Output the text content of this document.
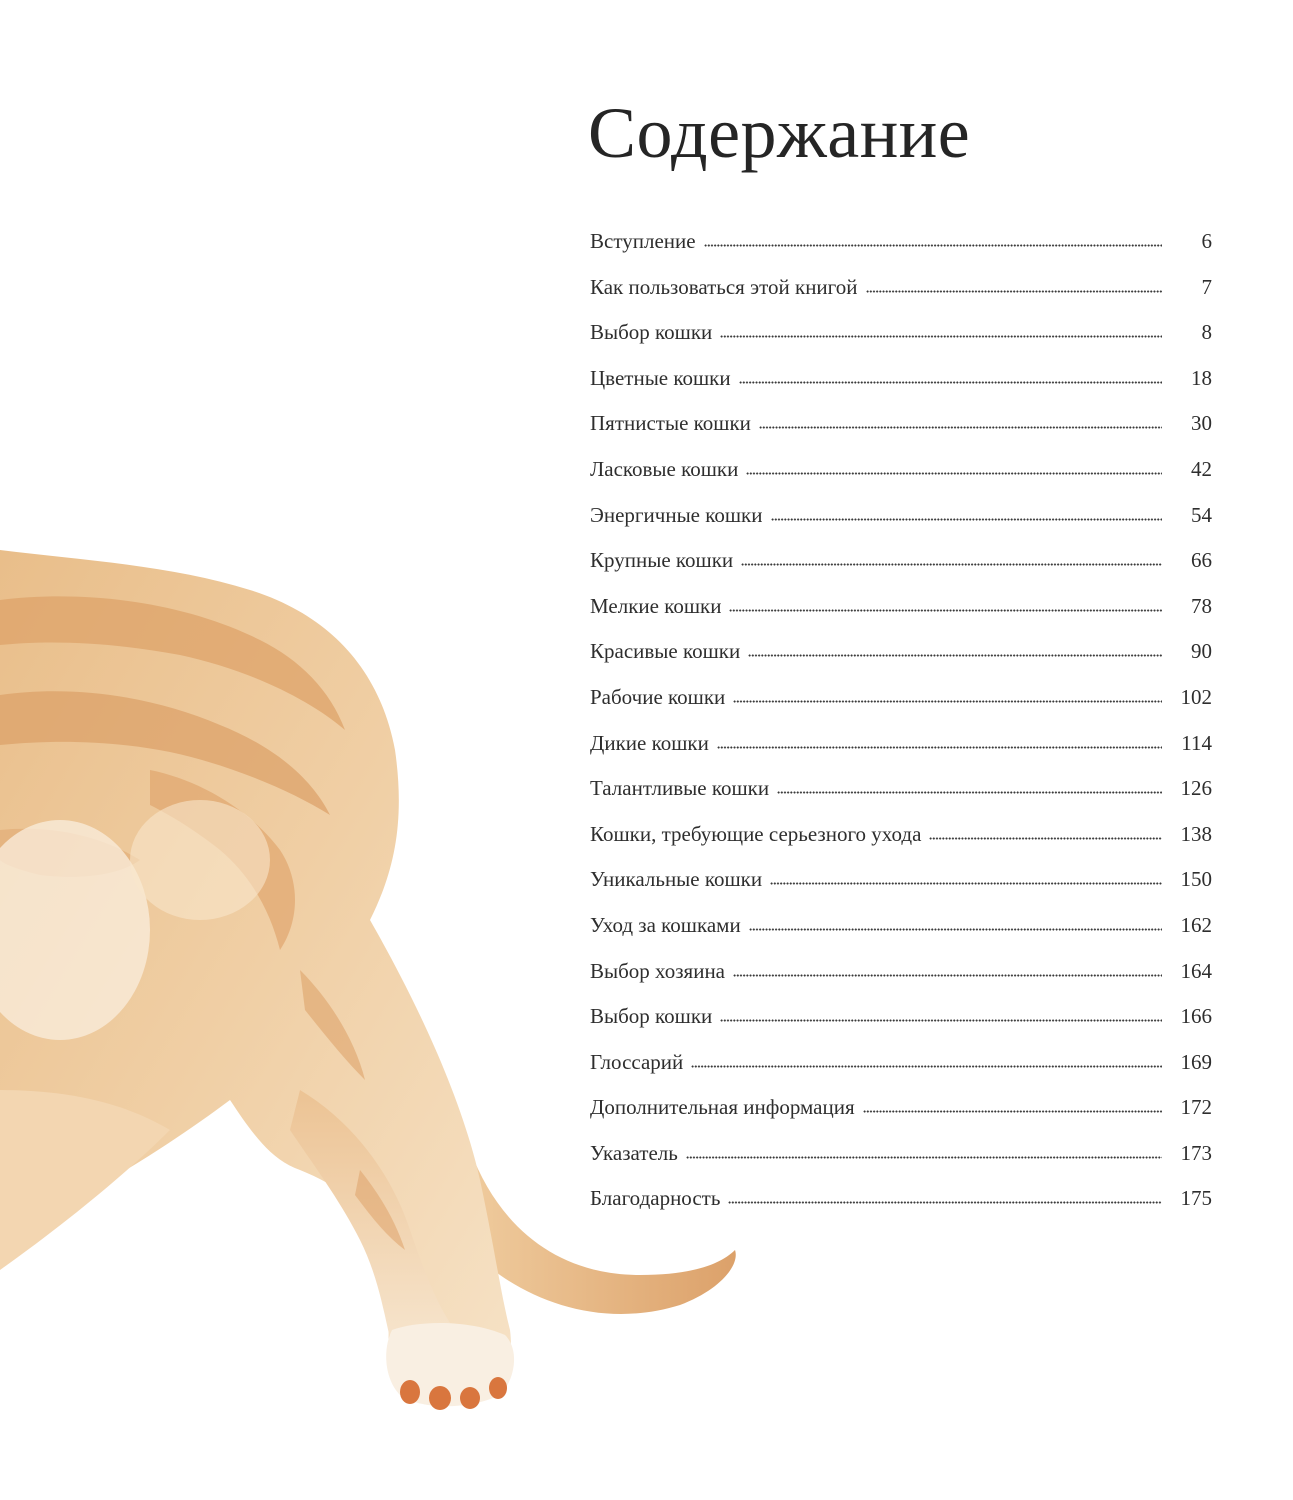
Содержание
Вступление	6
Как пользоваться этой книгой	7
Выбор кошки	8
Цветные кошки	18
Пятнистые кошки	30
Ласковые кошки	42
Энергичные кошки	54
Крупные кошки	66
Мелкие кошки	78
Красивые кошки	90
Рабочие кошки	102
Дикие кошки	114
Талантливые кошки	126
Кошки, требующие серьезного ухода	138
Уникальные кошки	150
Уход за кошками	162
Выбор хозяина	164
Выбор кошки	166
Глоссарий	169
Дополнительная информация	172
Указатель	173
Благодарность	175
